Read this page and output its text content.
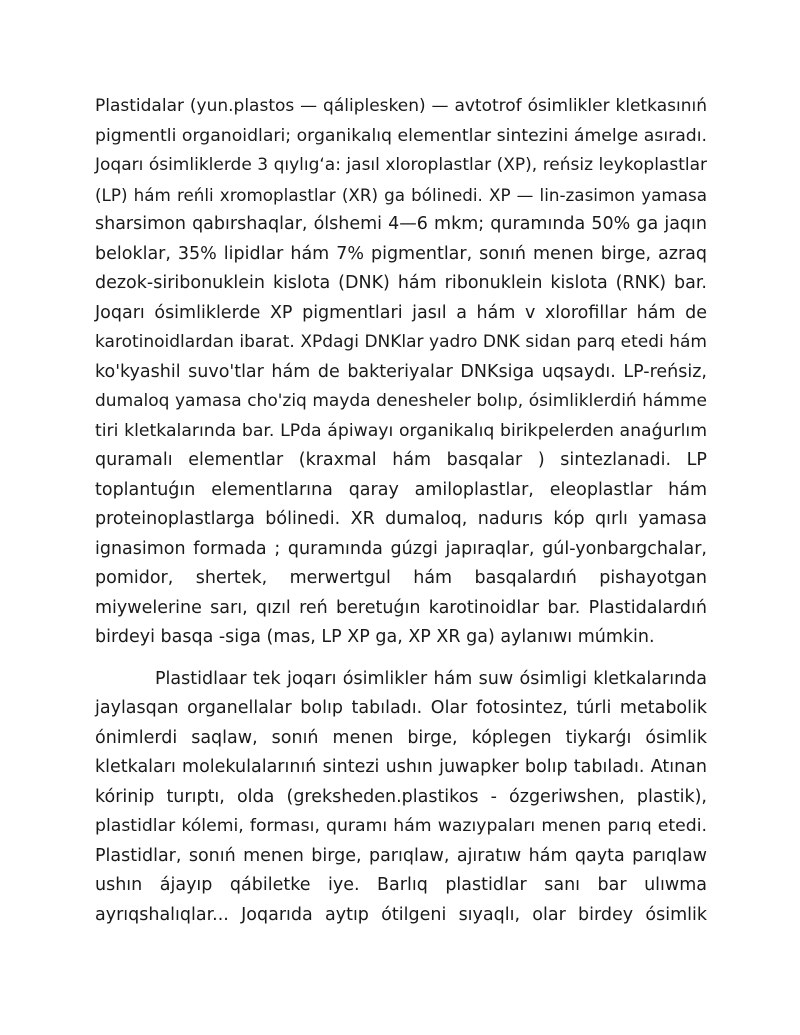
Plastidalar (yun.plastos — qáliplesken) — avtotrof ósimlikler kletkasınıń
pigmentli organoidlari; organikalıq elementlar sintezini ámelge asıradı.
Joqarı ósimliklerde 3 qıylıg‘a: jasıl xloroplastlar (XP), reńsiz leykoplastlar
(LP) hám reńli xromoplastlar (XR) ga bólinedi. XP — lin-zasimon yamasa
sharsimon qabırshaqlar, ólshemi 4—6 mkm; quramında 50% ga jaqın
beloklar, 35% lipidlar hám 7% pigmentlar, sonıń menen birge, azraq
dezok-siribonuklein kislota (DNK) hám ribonuklein kislota (RNK) bar.
Joqarı ósimliklerde XP pigmentlari jasıl a hám v xlorofillar hám de
karotinoidlardan ibarat. XPdagi DNKlar yadro DNK sidan parq etedi hám
ko'kyashil suvo'tlar hám de bakteriyalar DNKsiga uqsaydı. LP-reńsiz,
dumaloq yamasa cho'ziq mayda denesheler bolıp, ósimliklerdiń hámme
tiri kletkalarında bar. LPda ápiwayı organikalıq birikpelerden anaǵurlım
quramalı elementlar (kraxmal hám basqalar ) sintezlanadi. LP
toplantuǵın elementlarına qaray amiloplastlar, eleoplastlar hám
proteinoplastlarga bólinedi. XR dumaloq, nadurıs kóp qırlı yamasa
ignasimon formada ; quramında gúzgi japıraqlar, gúl-yonbargchalar,
pomidor, shertek, merwertgul hám basqalardıń pishayotgan
miywelerine sarı, qızıl reń beretuǵın karotinoidlar bar. Plastidalardıń
birdeyi basqa -siga (mas, LP XP ga, XP XR ga) aylanıwı múmkin.
Plastidlaar tek joqarı ósimlikler hám suw ósimligi kletkalarında
jaylasqan organellalar bolıp tabıladı. Olar fotosintez, túrli metabolik
ónimlerdi saqlaw, sonıń menen birge, kóplegen tiykarǵı ósimlik
kletkaları molekulalarınıń sintezi ushın juwapker bolıp tabıladı. Atınan
kórinip turıptı, olda (greksheden.plastikos - ózgeriwshen, plastik),
plastidlar kólemi, forması, quramı hám wazıypaları menen parıq etedi.
Plastidlar, sonıń menen birge, parıqlaw, ajıratıw hám qayta parıqlaw
ushın ájayıp qábiletke iye. Barlıq plastidlar sanı bar ulıwma
ayrıqshalıqlar... Joqarıda aytıp ótilgeni sıyaqlı, olar birdey ósimlik
